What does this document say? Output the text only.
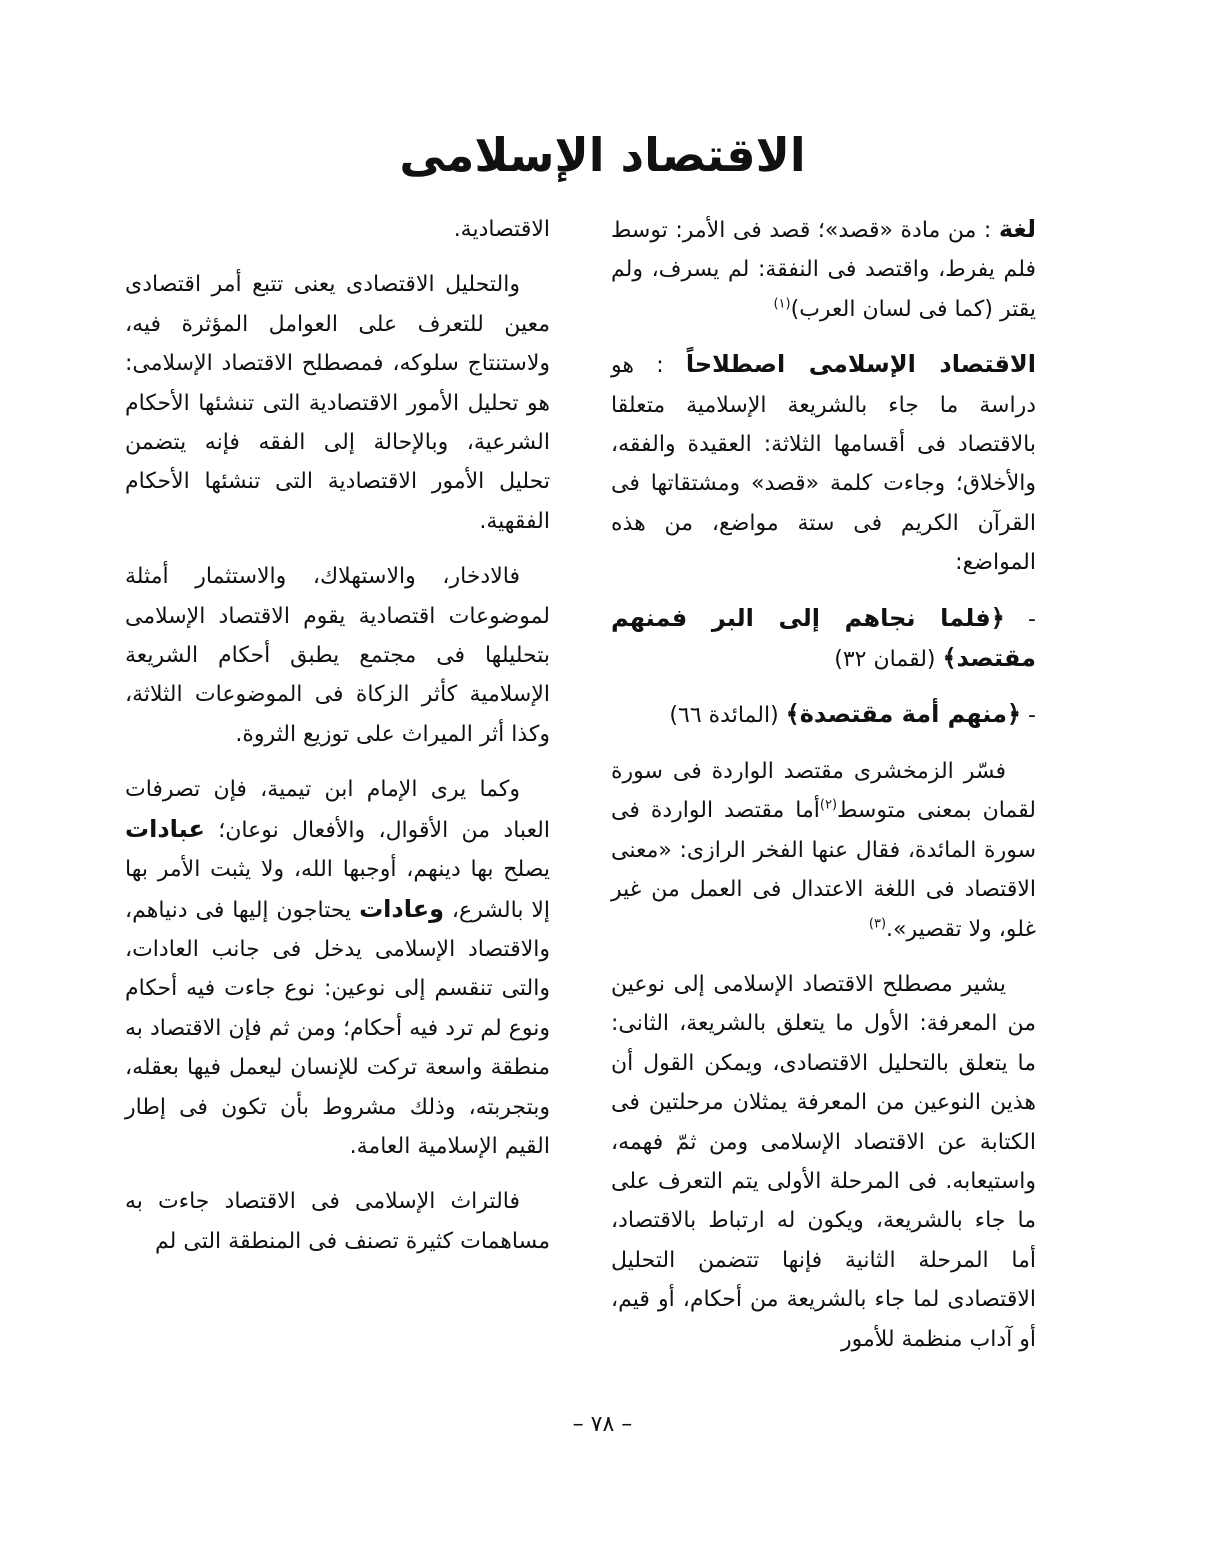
الاقتصاد الإسلامى

لغة : من مادة «قصد»؛ قصد فى الأمر: توسط فلم يفرط، واقتصد فى النفقة: لم يسرف، ولم يقتر (كما فى لسان العرب)$^{(١)}$

الاقتصاد الإسلامى اصطلاحاً : هو دراسة ما جاء بالشريعة الإسلامية متعلقا بالاقتصاد فى أقسامها الثلاثة: العقيدة والفقه، والأخلاق؛ وجاءت كلمة «قصد» ومشتقاتها فى القرآن الكريم فى ستة مواضع، من هذه المواضع:

- ﴿فلما نجاهم إلى البر فمنهم مقتصد﴾ (لقمان ٣٢)

- ﴿منهم أمة مقتصدة﴾ (المائدة ٦٦)

فسّر الزمخشرى مقتصد الواردة فى سورة لقمان بمعنى متوسط$^{(٢)}$أما مقتصد الواردة فى سورة المائدة، فقال عنها الفخر الرازى: «معنى الاقتصاد فى اللغة الاعتدال فى العمل من غير غلو، ولا تقصير».$^{(٣)}$

يشير مصطلح الاقتصاد الإسلامى إلى نوعين من المعرفة: الأول ما يتعلق بالشريعة، الثانى: ما يتعلق بالتحليل الاقتصادى، ويمكن القول أن هذين النوعين من المعرفة يمثلان مرحلتين فى الكتابة عن الاقتصاد الإسلامى ومن ثمّ فهمه، واستيعابه. فى المرحلة الأولى يتم التعرف على ما جاء بالشريعة، ويكون له ارتباط بالاقتصاد، أما المرحلة الثانية فإنها تتضمن التحليل الاقتصادى لما جاء بالشريعة من أحكام، أو قيم، أو آداب منظمة للأمور

الاقتصادية.

والتحليل الاقتصادى يعنى تتبع أمر اقتصادى معين للتعرف على العوامل المؤثرة فيه، ولاستنتاج سلوكه، فمصطلح الاقتصاد الإسلامى: هو تحليل الأمور الاقتصادية التى تنشئها الأحكام الشرعية، وبالإحالة إلى الفقه فإنه يتضمن تحليل الأمور الاقتصادية التى تنشئها الأحكام الفقهية.

فالادخار، والاستهلاك، والاستثمار أمثلة لموضوعات اقتصادية يقوم الاقتصاد الإسلامى بتحليلها فى مجتمع يطبق أحكام الشريعة الإسلامية كأثر الزكاة فى الموضوعات الثلاثة، وكذا أثر الميراث على توزيع الثروة.

وكما يرى الإمام ابن تيمية، فإن تصرفات العباد من الأقوال، والأفعال نوعان؛ عبادات يصلح بها دينهم، أوجبها الله، ولا يثبت الأمر بها إلا بالشرع، وعادات يحتاجون إليها فى دنياهم، والاقتصاد الإسلامى يدخل فى جانب العادات، والتى تنقسم إلى نوعين: نوع جاءت فيه أحكام ونوع لم ترد فيه أحكام؛ ومن ثم فإن الاقتصاد به منطقة واسعة تركت للإنسان ليعمل فيها بعقله، وبتجربته، وذلك مشروط بأن تكون فى إطار القيم الإسلامية العامة.

فالتراث الإسلامى فى الاقتصاد جاءت به مساهمات كثيرة تصنف فى المنطقة التى لم

– ٧٨ –
